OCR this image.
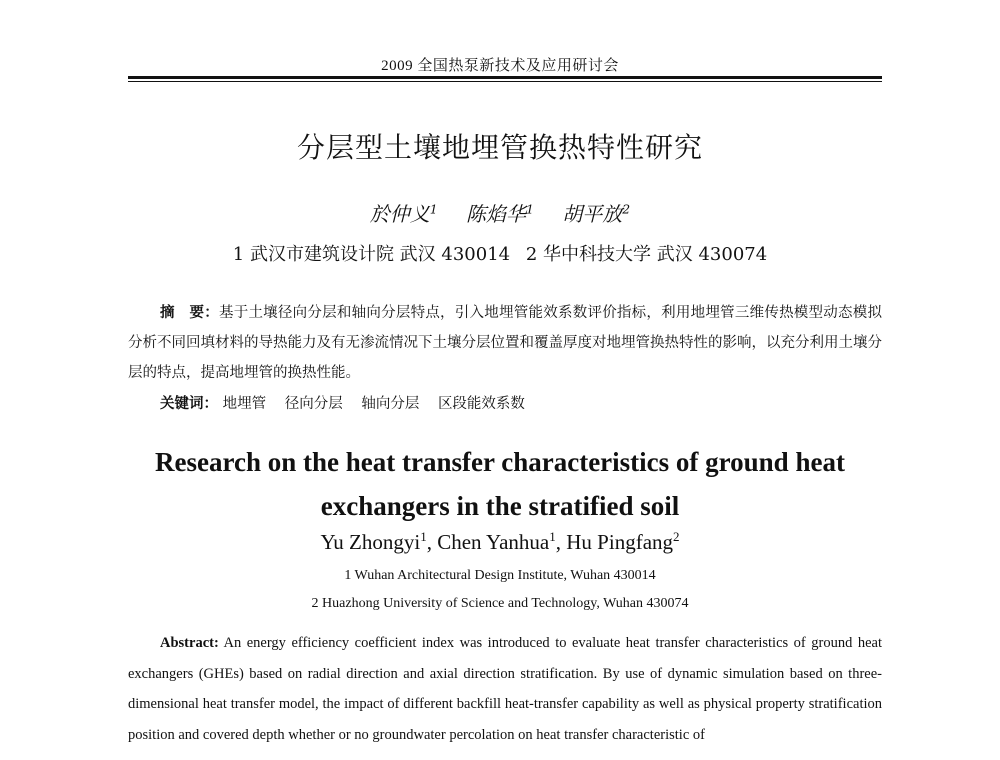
2009 全国热泵新技术及应用研讨会
分层型土壤地埋管换热特性研究
於仲义$^1$ 陈焰华$^1$ 胡平放$^2$
1 武汉市建筑设计院 武汉 430014 2 华中科技大学 武汉 430074
摘　要：基于土壤径向分层和轴向分层特点，引入地埋管能效系数评价指标，利用地埋管三维传热模型动态模拟分析不同回填材料的导热能力及有无渗流情况下土壤分层位置和覆盖厚度对地埋管换热特性的影响，以充分利用土壤分层的特点，提高地埋管的换热性能。
关键词： 地埋管 径向分层 轴向分层 区段能效系数
Research on the heat transfer characteristics of ground heat
exchangers in the stratified soil
Yu Zhongyi$^1$, Chen Yanhua$^1$, Hu Pingfang$^2$
1 Wuhan Architectural Design Institute, Wuhan 430014
2 Huazhong University of Science and Technology, Wuhan 430074
Abstract: An energy efficiency coefficient index was introduced to evaluate heat transfer characteristics of ground heat exchangers (GHEs) based on radial direction and axial direction stratification. By use of dynamic simulation based on three-dimensional heat transfer model, the impact of different backfill heat-transfer capability as well as physical property stratification position and covered depth whether or no groundwater percolation on heat transfer characteristic of
